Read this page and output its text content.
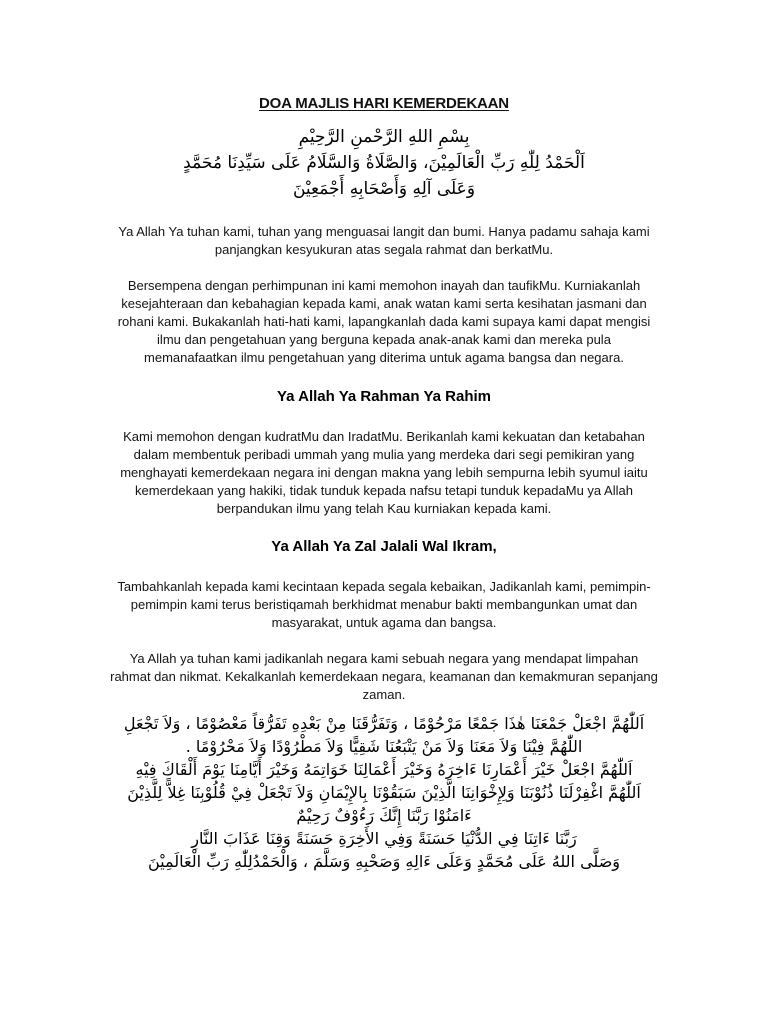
DOA MAJLIS HARI KEMERDEKAAN
بِسْمِ اللهِ الرَّحْمنِ الرَّحِيْمِ
اَلْحَمْدُ لِلّٰهِ رَبِّ الْعَالَمِيْنَ، وَالصَّلَاةُ وَالسَّلَامُ عَلَى سَيِّدِنَا مُحَمَّدٍ
وَعَلَى آلِهِ وَأَصْحَابِهِ أَجْمَعِيْنَ
Ya Allah Ya tuhan kami, tuhan yang menguasai langit dan bumi. Hanya padamu sahaja kami panjangkan kesyukuran atas segala rahmat dan berkatMu.
Bersempena dengan perhimpunan ini kami memohon inayah dan taufikMu. Kurniakanlah kesejahteraan dan kebahagian kepada kami, anak watan kami serta kesihatan jasmani dan rohani kami. Bukakanlah hati-hati kami, lapangkanlah dada kami supaya kami dapat mengisi ilmu dan pengetahuan yang berguna kepada anak-anak kami dan mereka pula memanafaatkan ilmu pengetahuan yang diterima untuk agama bangsa dan negara.
Ya Allah Ya Rahman Ya Rahim
Kami memohon dengan kudratMu dan IradatMu. Berikanlah kami kekuatan dan ketabahan dalam membentuk peribadi ummah yang mulia yang merdeka dari segi pemikiran yang menghayati kemerdekaan negara ini dengan makna yang lebih sempurna lebih syumul iaitu kemerdekaan yang hakiki, tidak tunduk kepada nafsu tetapi tunduk kepadaMu ya Allah berpandukan ilmu yang telah Kau kurniakan kepada kami.
Ya Allah Ya Zal Jalali Wal Ikram,
Tambahkanlah kepada kami kecintaan kepada segala kebaikan, Jadikanlah kami, pemimpin-pemimpin kami terus beristiqamah berkhidmat menabur bakti membangunkan umat dan masyarakat, untuk agama dan bangsa.
Ya Allah ya tuhan kami jadikanlah negara kami sebuah negara yang mendapat limpahan rahmat dan nikmat. Kekalkanlah kemerdekaan negara, keamanan dan kemakmuran sepanjang zaman.
اَللّٰهُمَّ اجْعَلْ جَمْعَنَا هٰذَا جَمْعًا مَرْحُوْمًا ، وَتَفَرُّقَنَا مِنْ بَعْدِهِ تَفَرُّقاً مَعْصُوْمًا ، وَلاَ تَجْعَلِ
اللّٰهُمَّ فِيْنَا وَلاَ مَعَنَا وَلاَ مَنْ يَتْبَعُنَا شَقِيًّا وَلاَ مَطْرُوْدًا وَلاَ مَحْرُوْمًا .
اَللّٰهُمَّ اجْعَلْ خَيْرَ أَعْمَارِنَا ءَاخِرَهُ وَخَيْرَ أَعْمَالِنَا خَوَاتِمَهُ وَخَيْرَ أَيَّامِنَا يَوْمَ أَلْقَاكَ فِيْهِ
اَللّٰهُمَّ اغْفِرْلَنَا ذُنُوْبَنَا وَلِإِخْوَانِنَا الَّذِيْنَ سَبَقُوْنَا بِالإِيْمَانِ وَلاَ تَجْعَلْ فِيْ قُلُوْبِنَا غِلاًّ لِلَّذِيْنَ
ءَامَنُوْا رَبَّنَا إِنَّكَ رَءُوْفٌ رَحِيْمٌ
رَبَّنَا ءَاتِنَا فِي الدُّنْيَا حَسَنَةً وَفِي الأَخِرَةِ حَسَنَةً وَقِنَا عَذَابَ النَّارِ
وَصَلَّى اللهُ عَلَى مُحَمَّدٍ وَعَلَى ءَالِهِ وَصَحْبِهِ وَسَلَّمَ ، وَالْحَمْدُلِلّٰهِ رَبِّ الْعَالَمِيْنَ
